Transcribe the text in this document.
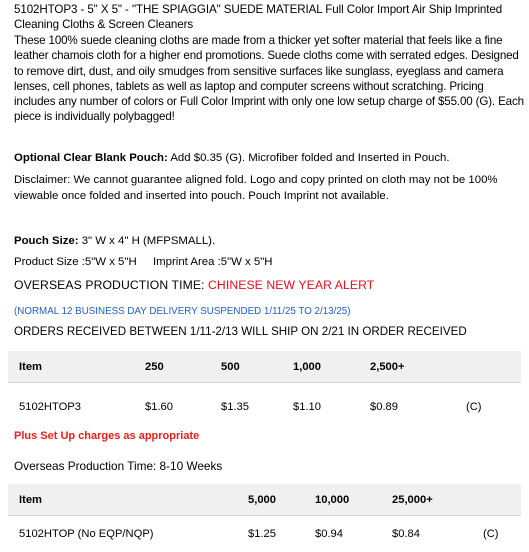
5102HTOP3 - 5" X 5" - "THE SPIAGGIA" SUEDE MATERIAL Full Color Import Air Ship Imprinted Cleaning Cloths & Screen Cleaners
These 100% suede cleaning cloths are made from a thicker yet softer material that feels like a fine leather chamois cloth for a higher end promotions. Suede cloths come with serrated edges. Designed to remove dirt, dust, and oily smudges from sensitive surfaces like sunglass, eyeglass and camera lenses, cell phones, tablets as well as laptop and computer screens without scratching. Pricing includes any number of colors or Full Color Imprint with only one low setup charge of $55.00 (G). Each piece is individually polybagged!
Optional Clear Blank Pouch: Add $0.35 (G). Microfiber folded and Inserted in Pouch.
Disclaimer: We cannot guarantee aligned fold. Logo and copy printed on cloth may not be 100% viewable once folded and inserted into pouch. Pouch Imprint not available.
Pouch Size: 3" W x 4" H (MFPSMALL).
Product Size :5"W x 5"H Imprint Area :5"W x 5"H
OVERSEAS PRODUCTION TIME: CHINESE NEW YEAR ALERT
(NORMAL 12 BUSINESS DAY DELIVERY SUSPENDED 1/11/25 TO 2/13/25)
ORDERS RECEIVED BETWEEN 1/11-2/13 WILL SHIP ON 2/21 IN ORDER RECEIVED
Item	250	500	1,000	2,500+	
5102HTOP3	$1.60	$1.35	$1.10	$0.89	(C)
Plus Set Up charges as appropriate
Overseas Production Time: 8-10 Weeks
Item	5,000	10,000	25,000+	
5102HTOP (No EQP/NQP)	$1.25	$0.94	$0.84	(C)
